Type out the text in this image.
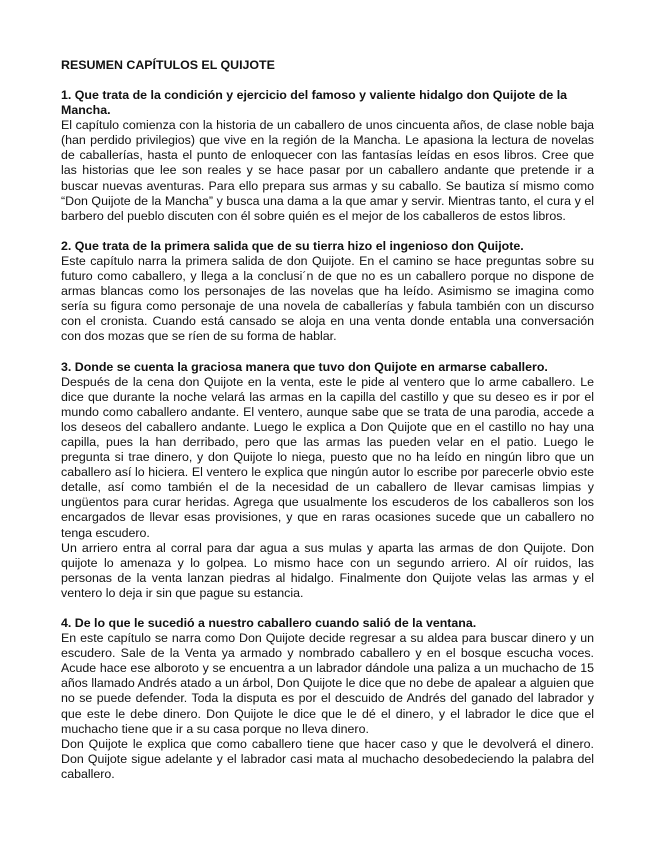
RESUMEN CAPÍTULOS EL QUIJOTE

1. Que trata de la condición y ejercicio del famoso y valiente hidalgo don Quijote de la Mancha.

El capítulo comienza con la historia de un caballero de unos cincuenta años, de clase noble baja (han perdido privilegios) que vive en la región de la Mancha. Le apasiona la lectura de novelas de caballerías, hasta el punto de enloquecer con las fantasías leídas en esos libros. Cree que las historias que lee son reales y se hace pasar por un caballero andante que pretende ir a buscar nuevas aventuras. Para ello prepara sus armas y su caballo. Se bautiza sí mismo como “Don Quijote de la Mancha” y busca una dama a la que amar y servir. Mientras tanto, el cura y el barbero del pueblo discuten con él sobre quién es el mejor de los caballeros de estos libros.

2. Que trata de la primera salida que de su tierra hizo el ingenioso don Quijote.

Este capítulo narra la primera salida de don Quijote. En el camino se hace preguntas sobre su futuro como caballero, y llega a la conclusi´n de que no es un caballero porque no dispone de armas blancas como los personajes de las novelas que ha leído. Asimismo se imagina como sería su figura como personaje de una novela de caballerías y fabula también con un discurso con el cronista. Cuando está cansado se aloja en una venta donde entabla una conversación con dos mozas que se ríen de su forma de hablar.

3. Donde se cuenta la graciosa manera que tuvo don Quijote en armarse caballero.

Después de la cena don Quijote en la venta, este le pide al ventero que lo arme caballero. Le dice que durante la noche velará las armas en la capilla del castillo y que su deseo es ir por el mundo como caballero andante. El ventero, aunque sabe que se trata de una parodia, accede a los deseos del caballero andante. Luego le explica a Don Quijote que en el castillo no hay una capilla, pues la han derribado, pero que las armas las pueden velar en el patio. Luego le pregunta si trae dinero, y don Quijote lo niega, puesto que no ha leído en ningún libro que un caballero así lo hiciera. El ventero le explica que ningún autor lo escribe por parecerle obvio este detalle, así como también el de la necesidad de un caballero de llevar camisas limpias y ungüentos para curar heridas. Agrega que usualmente los escuderos de los caballeros son los encargados de llevar esas provisiones, y que en raras ocasiones sucede que un caballero no tenga escudero.

Un arriero entra al corral para dar agua a sus mulas y aparta las armas de don Quijote. Don quijote lo amenaza y lo golpea. Lo mismo hace con un segundo arriero. Al oír ruidos, las personas de la venta lanzan piedras al hidalgo. Finalmente don Quijote velas las armas y el ventero lo deja ir sin que pague su estancia.

4. De lo que le sucedió a nuestro caballero cuando salió de la ventana.

En este capítulo se narra como Don Quijote decide regresar a su aldea para buscar dinero y un escudero. Sale de la Venta ya armado y nombrado caballero y en el bosque escucha voces. Acude hace ese alboroto y se encuentra a un labrador dándole una paliza a un muchacho de 15 años llamado Andrés atado a un árbol, Don Quijote le dice que no debe de apalear a alguien que no se puede defender. Toda la disputa es por el descuido de Andrés del ganado del labrador y que este le debe dinero. Don Quijote le dice que le dé el dinero, y el labrador le dice que el muchacho tiene que ir a su casa porque no lleva dinero.

Don Quijote le explica que como caballero tiene que hacer caso y que le devolverá el dinero. Don Quijote sigue adelante y el labrador casi mata al muchacho desobedeciendo la palabra del caballero.
